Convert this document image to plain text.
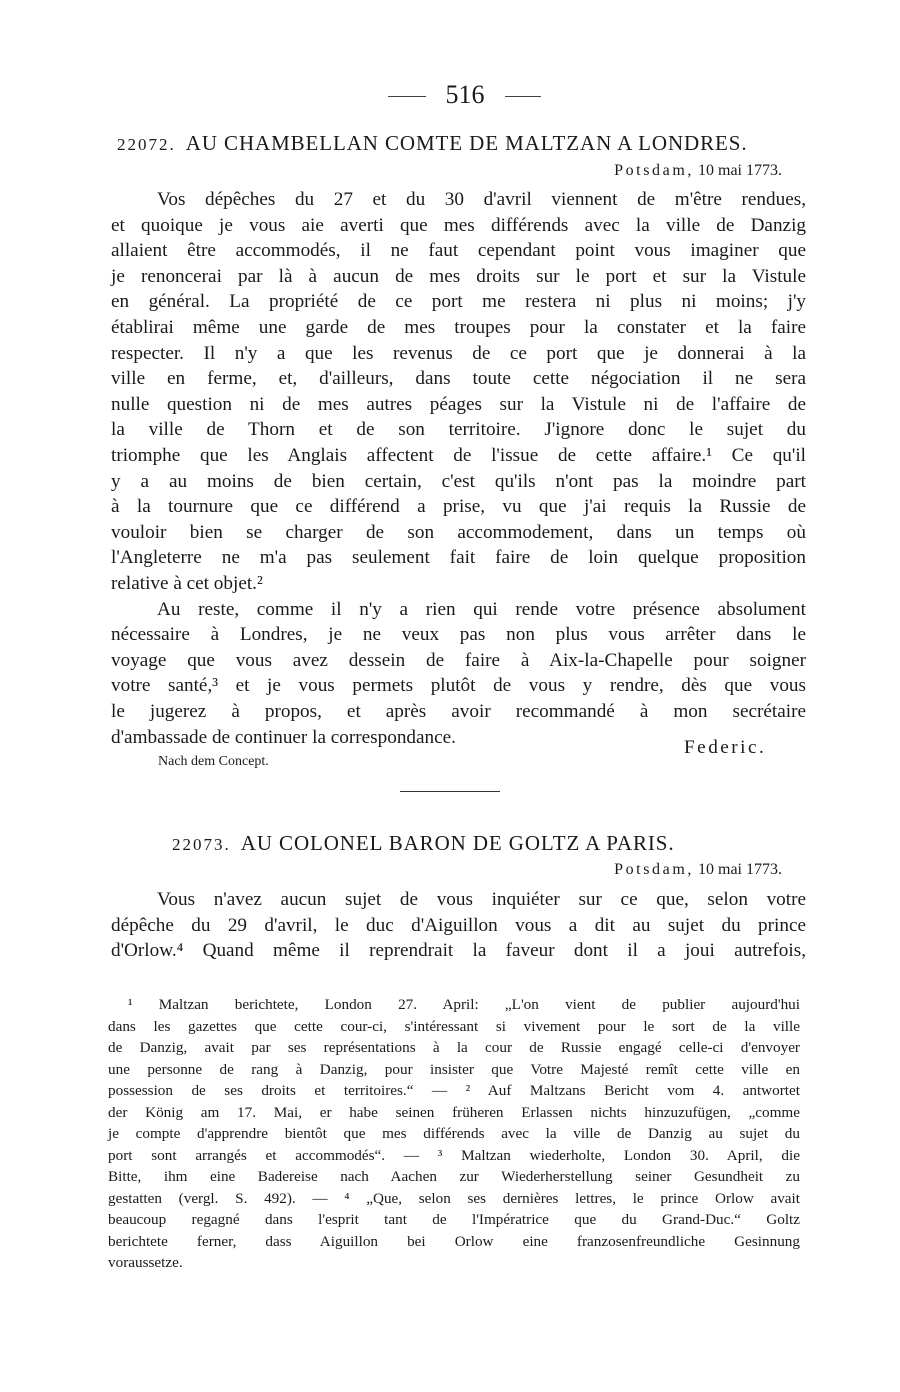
516
22072. AU CHAMBELLAN COMTE DE MALTZAN A LONDRES.
Potsdam, 10 mai 1773.
Vos dépêches du 27 et du 30 d'avril viennent de m'être rendues,
et quoique je vous aie averti que mes différends avec la ville de Danzig
allaient être accommodés, il ne faut cependant point vous imaginer que
je renoncerai par là à aucun de mes droits sur le port et sur la Vistule
en général. La propriété de ce port me restera ni plus ni moins; j'y
établirai même une garde de mes troupes pour la constater et la faire
respecter. Il n'y a que les revenus de ce port que je donnerai à la
ville en ferme, et, d'ailleurs, dans toute cette négociation il ne sera
nulle question ni de mes autres péages sur la Vistule ni de l'affaire de
la ville de Thorn et de son territoire. J'ignore donc le sujet du
triomphe que les Anglais affectent de l'issue de cette affaire.¹ Ce qu'il
y a au moins de bien certain, c'est qu'ils n'ont pas la moindre part
à la tournure que ce différend a prise, vu que j'ai requis la Russie de
vouloir bien se charger de son accommodement, dans un temps où
l'Angleterre ne m'a pas seulement fait faire de loin quelque proposition
relative à cet objet.²
Au reste, comme il n'y a rien qui rende votre présence absolument
nécessaire à Londres, je ne veux pas non plus vous arrêter dans le
voyage que vous avez dessein de faire à Aix-la-Chapelle pour soigner
votre santé,³ et je vous permets plutôt de vous y rendre, dès que vous
le jugerez à propos, et après avoir recommandé à mon secrétaire
d'ambassade de continuer la correspondance.	Federic.
Nach dem Concept.
22073. AU COLONEL BARON DE GOLTZ A PARIS.
Potsdam, 10 mai 1773.
Vous n'avez aucun sujet de vous inquiéter sur ce que, selon votre
dépêche du 29 d'avril, le duc d'Aiguillon vous a dit au sujet du prince
d'Orlow.⁴ Quand même il reprendrait la faveur dont il a joui autrefois,
¹ Maltzan berichtete, London 27. April: „L'on vient de publier aujourd'hui
dans les gazettes que cette cour-ci, s'intéressant si vivement pour le sort de la ville
de Danzig, avait par ses représentations à la cour de Russie engagé celle-ci d'envoyer
une personne de rang à Danzig, pour insister que Votre Majesté remît cette ville en
possession de ses droits et territoires.“ — ² Auf Maltzans Bericht vom 4. antwortet
der König am 17. Mai, er habe seinen früheren Erlassen nichts hinzuzufügen, „comme
je compte d'apprendre bientôt que mes différends avec la ville de Danzig au sujet du
port sont arrangés et accommodés“. — ³ Maltzan wiederholte, London 30. April, die
Bitte, ihm eine Badereise nach Aachen zur Wiederherstellung seiner Gesundheit zu
gestatten (vergl. S. 492). — ⁴ „Que, selon ses dernières lettres, le prince Orlow avait
beaucoup regagné dans l'esprit tant de l'Impératrice que du Grand-Duc.“ Goltz
berichtete ferner, dass Aiguillon bei Orlow eine franzosenfreundliche Gesinnung
voraussetze.
